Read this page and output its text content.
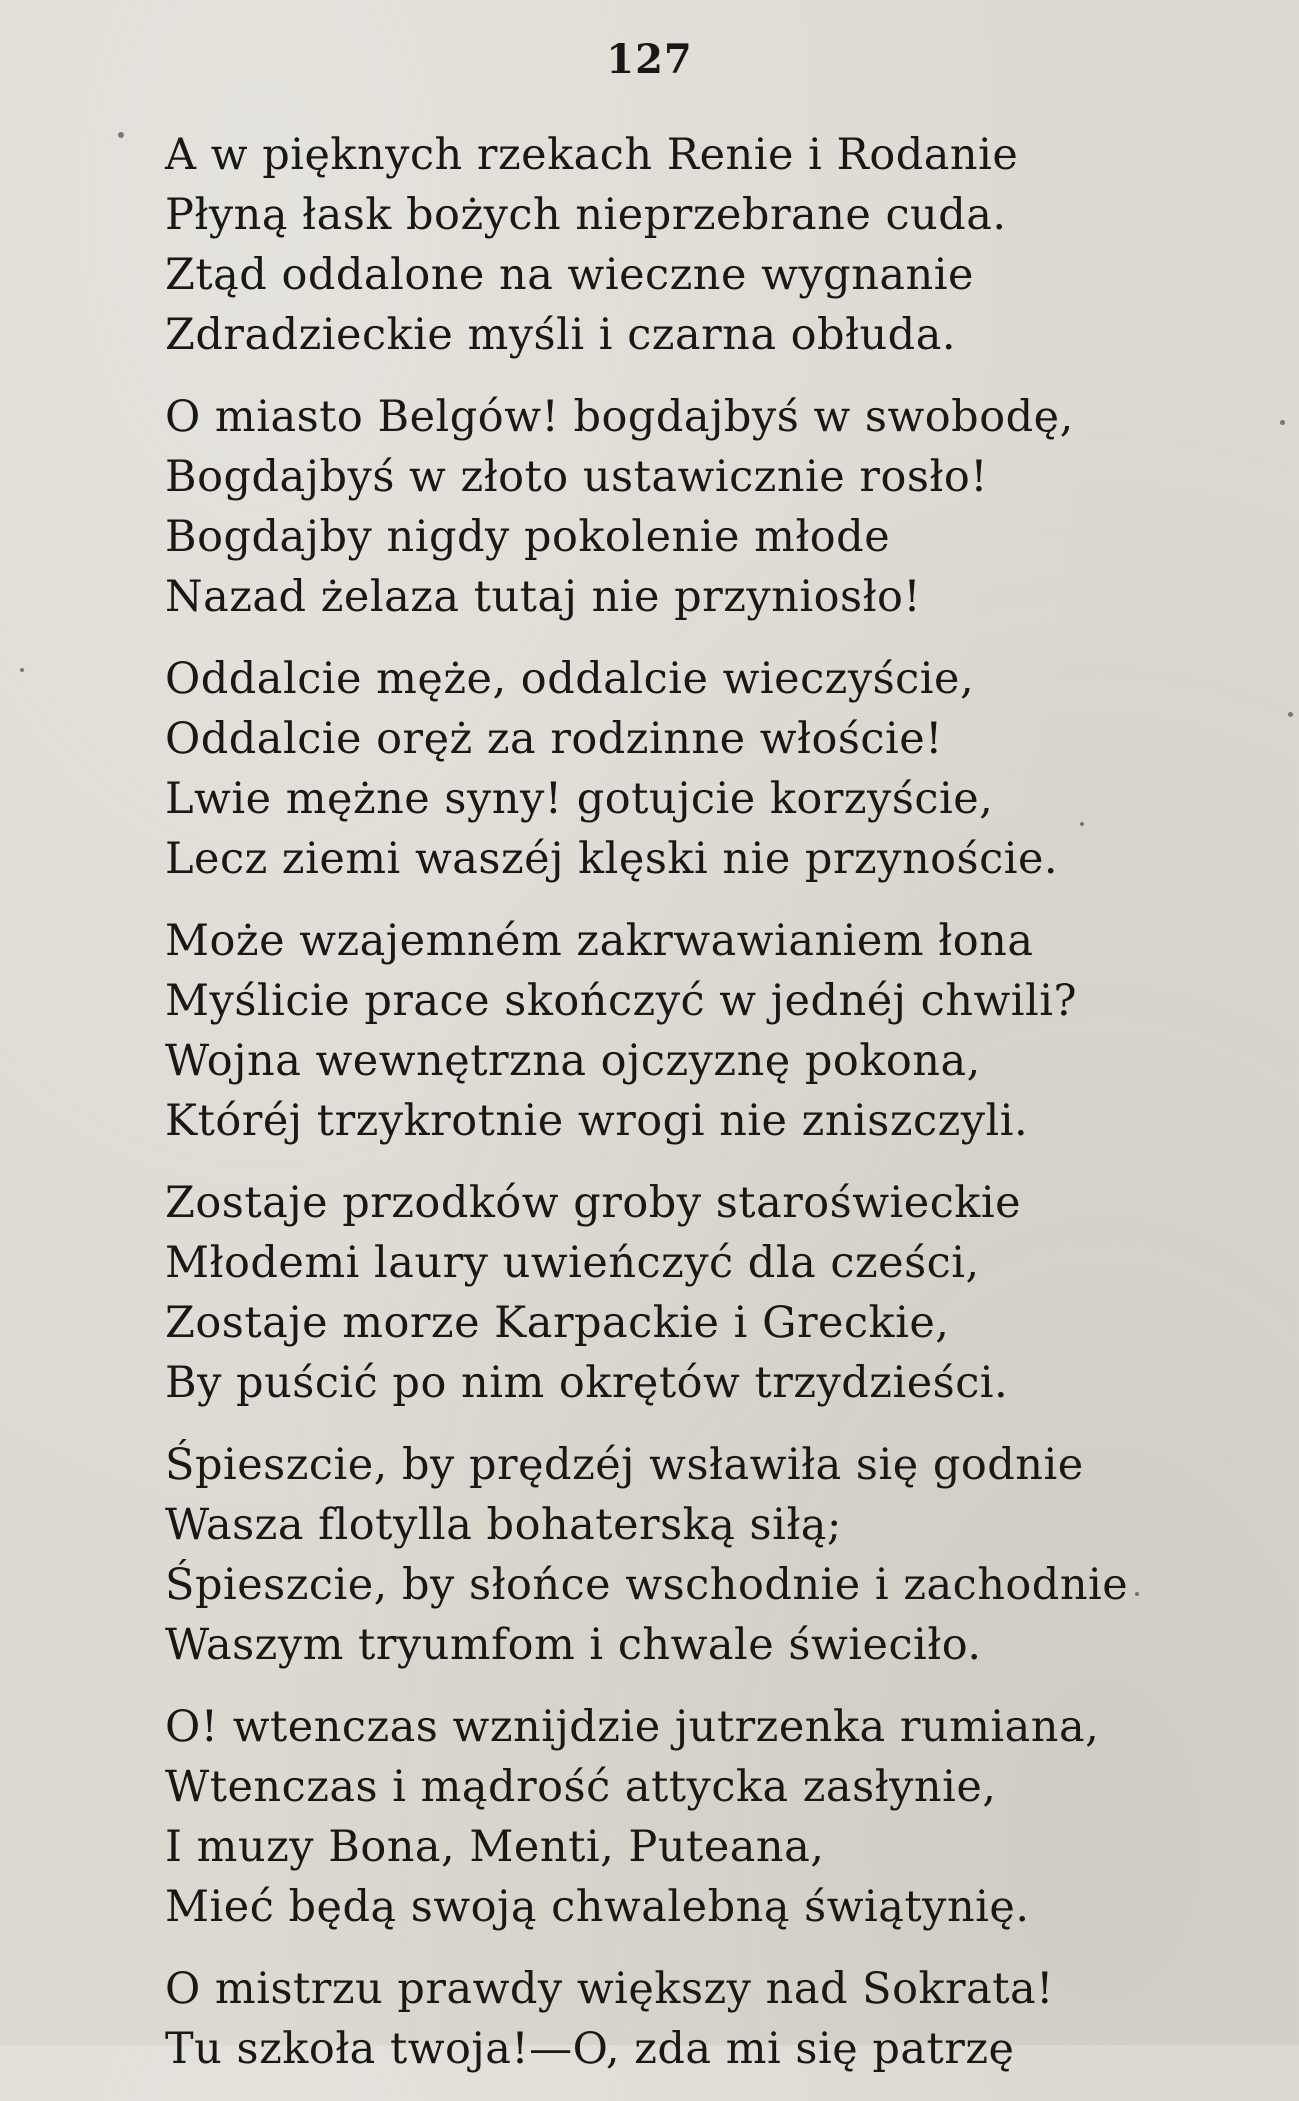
127
A w pięknych rzekach Renie i Rodanie
Płyną łask bożych nieprzebrane cuda.
Ztąd oddalone na wieczne wygnanie
Zdradzieckie myśli i czarna obłuda.
O miasto Belgów! bogdajbyś w swobodę,
Bogdajbyś w złoto ustawicznie rosło!
Bogdajby nigdy pokolenie młode
Nazad żelaza tutaj nie przyniosło!
Oddalcie męże, oddalcie wieczyście,
Oddalcie oręż za rodzinne włoście!
Lwie mężne syny! gotujcie korzyście,
Lecz ziemi waszéj klęski nie przynoście.
Może wzajemném zakrwawianiem łona
Myślicie prace skończyć w jednéj chwili?
Wojna wewnętrzna ojczyznę pokona,
Któréj trzykrotnie wrogi nie zniszczyli.
Zostaje przodków groby staroświeckie
Młodemi laury uwieńczyć dla cześci,
Zostaje morze Karpackie i Greckie,
By puścić po nim okrętów trzydzieści.
Śpieszcie, by prędzéj wsławiła się godnie
Wasza flotylla bohaterską siłą;
Śpieszcie, by słońce wschodnie i zachodnie
Waszym tryumfom i chwale świeciło.
O! wtenczas wznijdzie jutrzenka rumiana,
Wtenczas i mądrość attycka zasłynie,
I muzy Bona, Menti, Puteana,
Mieć będą swoją chwalebną świątynię.
O mistrzu prawdy większy nad Sokrata!
Tu szkoła twoja!—O, zda mi się patrzę
